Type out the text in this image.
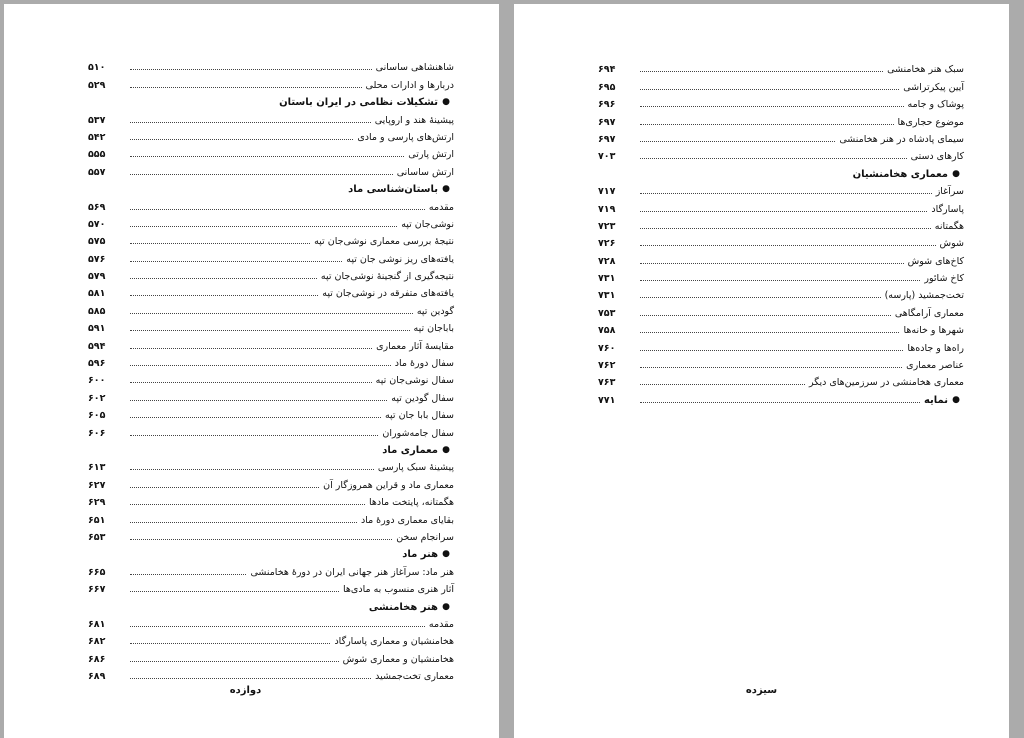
شاهنشاهی ساسانی
۵۱۰
دربارها و ادارات محلی
۵۲۹
●
تشکیلات نظامی در ایران باستان
پیشینهٔ هند و اروپایی
۵۳۷
ارتش‌های پارسی و مادی
۵۴۲
ارتش پارتی
۵۵۵
ارتش ساسانی
۵۵۷
●
باستان‌شناسی ماد
مقدمه
۵۶۹
نوشی‌جان تپه
۵۷۰
نتیجهٔ بررسی معماری نوشی‌جان تپه
۵۷۵
یافته‌های ریز نوشی جان تپه
۵۷۶
نتیجه‌گیری از گنجینهٔ نوشی‌جان تپه
۵۷۹
یافته‌های متفرقه در نوشی‌جان تپه
۵۸۱
گودین تپه
۵۸۵
باباجان تپه
۵۹۱
مقایسهٔ آثار معماری
۵۹۴
سفال دورهٔ ماد
۵۹۶
سفال نوشی‌جان تپه
۶۰۰
سفال گودین تپه
۶۰۲
سفال بابا جان تپه
۶۰۵
سفال جامه‌شوران
۶۰۶
●
معماری ماد
پیشینهٔ سبک پارسی
۶۱۳
معماری ماد و قراین همروزگار آن
۶۲۷
هگمتانه، پایتخت مادها
۶۲۹
بقایای معماری دورهٔ ماد
۶۵۱
سرانجام سخن
۶۵۳
●
هنر ماد
هنر ماد: سرآغاز هنر جهانی ایران در دورهٔ هخامنشی
۶۶۵
آثار هنری منسوب به مادی‌ها
۶۶۷
●
هنر هخامنشی
مقدمه
۶۸۱
هخامنشیان و معماری پاسارگاد
۶۸۲
هخامنشیان و معماری شوش
۶۸۶
معماری تخت‌جمشید
۶۸۹
دوازده
سبک هنر هخامنشی
۶۹۴
آیین پیکرتراشی
۶۹۵
پوشاک و جامه
۶۹۶
موضوع حجاری‌ها
۶۹۷
سیمای پادشاه در هنر هخامنشی
۶۹۷
کارهای دستی
۷۰۳
●
معماری هخامنشیان
سرآغاز
۷۱۷
پاسارگاد
۷۱۹
هگمتانه
۷۲۳
شوش
۷۲۶
کاخ‌های شوش
۷۲۸
کاخ شائور
۷۳۱
تخت‌جمشید (پارسه)
۷۳۱
معماری آرامگاهی
۷۵۳
شهرها و خانه‌ها
۷۵۸
راه‌ها و جاده‌ها
۷۶۰
عناصر معماری
۷۶۲
معماری هخامنشی در سرزمین‌های دیگر
۷۶۳
●
نمایه
۷۷۱
سیزده
